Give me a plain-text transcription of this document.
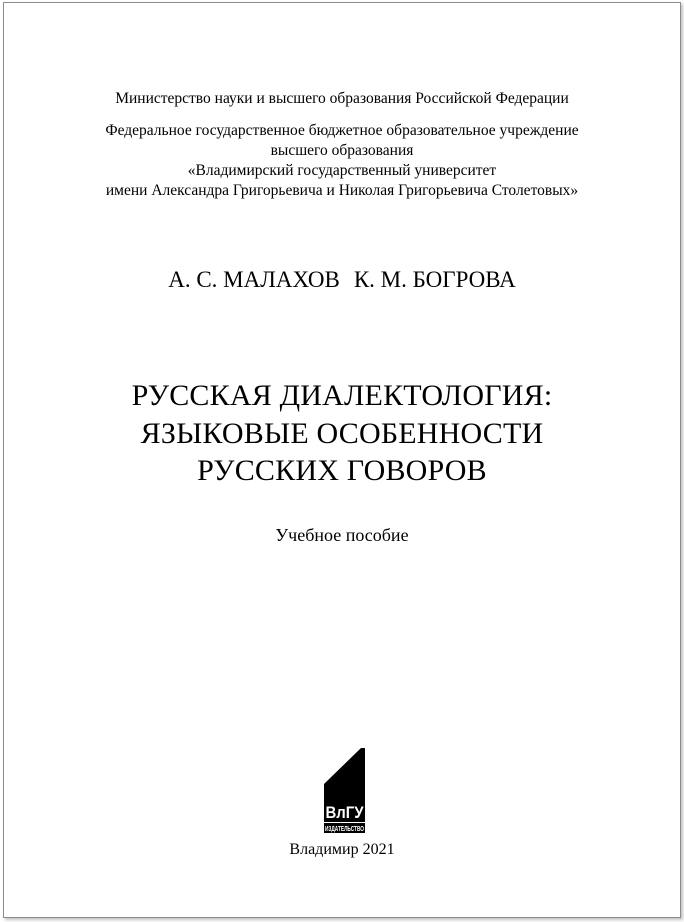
Министерство науки и высшего образования Российской Федерации
Федеральное государственное бюджетное образовательное учреждение
высшего образования
«Владимирский государственный университет
имени Александра Григорьевича и Николая Григорьевича Столетовых»
А. С. МАЛАХОВ К. М. БОГРОВА
РУССКАЯ ДИАЛЕКТОЛОГИЯ:
ЯЗЫКОВЫЕ ОСОБЕННОСТИ
РУССКИХ ГОВОРОВ
Учебное пособие
ВлГУ
ИЗДАТЕЛЬСТВО
Владимир 2021
